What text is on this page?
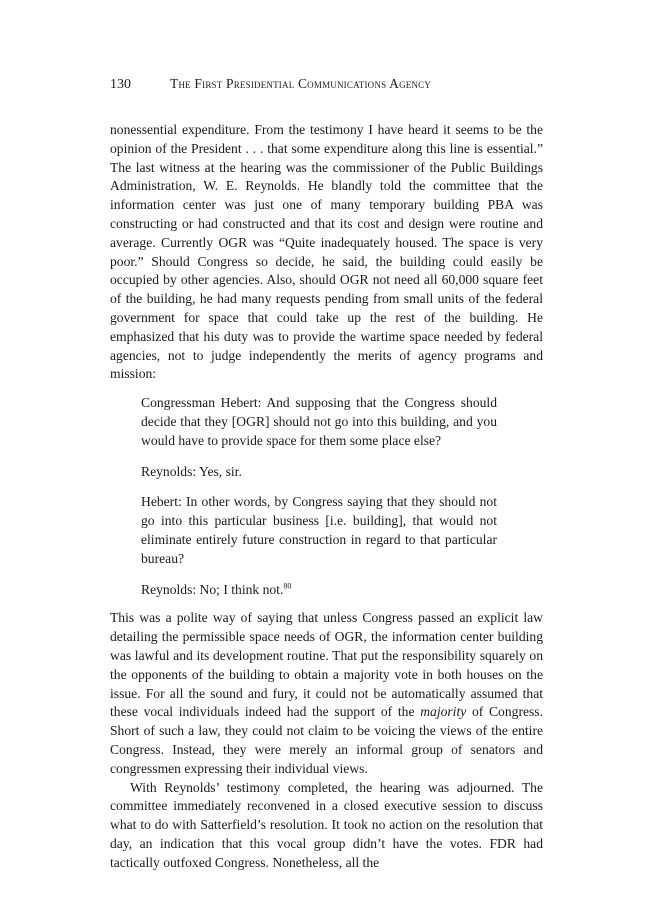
130	The First Presidential Communications Agency

nonessential expenditure. From the testimony I have heard it seems to be the opinion of the President . . . that some expenditure along this line is essential.” The last witness at the hearing was the commissioner of the Public Buildings Administration, W. E. Reynolds. He blandly told the committee that the information center was just one of many temporary building PBA was constructing or had constructed and that its cost and design were routine and average. Currently OGR was “Quite inadequately housed. The space is very poor.” Should Congress so decide, he said, the building could easily be occupied by other agencies. Also, should OGR not need all 60,000 square feet of the building, he had many requests pending from small units of the federal government for space that could take up the rest of the building. He emphasized that his duty was to provide the wartime space needed by federal agencies, not to judge independently the merits of agency programs and mission:

Congressman Hebert: And supposing that the Congress should decide that they [OGR] should not go into this building, and you would have to provide space for them some place else?

Reynolds: Yes, sir.

Hebert: In other words, by Congress saying that they should not go into this particular business [i.e. building], that would not eliminate entirely future construction in regard to that particular bureau?

Reynolds: No; I think not.$^{80}$

This was a polite way of saying that unless Congress passed an explicit law detailing the permissible space needs of OGR, the information center building was lawful and its development routine. That put the responsibility squarely on the opponents of the building to obtain a majority vote in both houses on the issue. For all the sound and fury, it could not be automatically assumed that these vocal individuals indeed had the support of the majority of Congress. Short of such a law, they could not claim to be voicing the views of the entire Congress. Instead, they were merely an informal group of senators and congressmen expressing their individual views.

With Reynolds’ testimony completed, the hearing was adjourned. The committee immediately reconvened in a closed executive session to discuss what to do with Satterfield’s resolution. It took no action on the resolution that day, an indication that this vocal group didn’t have the votes. FDR had tactically outfoxed Congress. Nonetheless, all the
